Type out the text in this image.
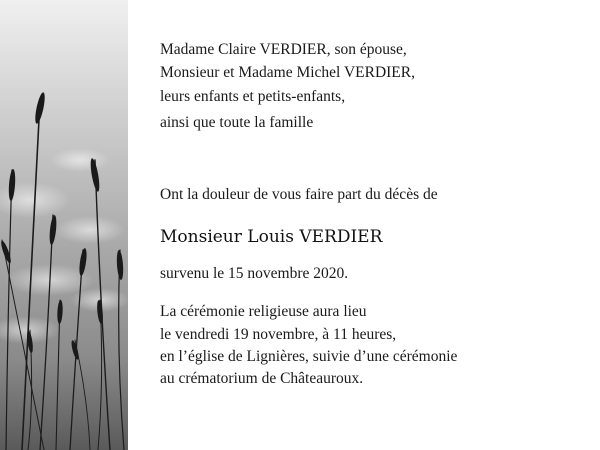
Madame Claire VERDIER, son épouse,
Monsieur et Madame Michel VERDIER,
leurs enfants et petits-enfants,
ainsi que toute la famille
Ont la douleur de vous faire part du décès de
Monsieur Louis VERDIER
survenu le 15 novembre 2020.
La cérémonie religieuse aura lieu
le vendredi 19 novembre, à 11 heures,
en l’église de Lignières, suivie d’une cérémonie
au crématorium de Châteauroux.
